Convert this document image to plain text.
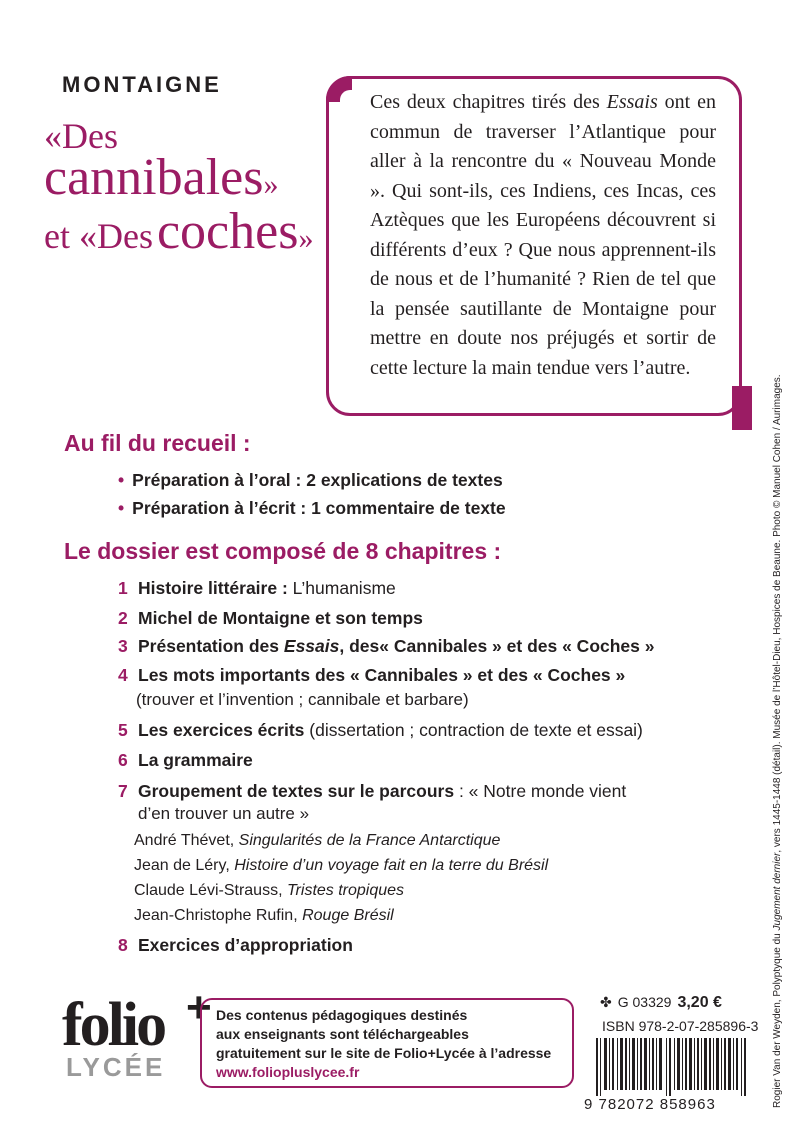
MONTAIGNE
«Des
cannibales»
et «Des coches»

Ces deux chapitres tirés des Essais ont en commun de traverser l’Atlantique pour aller à la rencontre du « Nouveau Monde ». Qui sont-ils, ces Indiens, ces Incas, ces Aztèques que les Européens découvrent si différents d’eux ? Que nous apprennent-ils de nous et de l’humanité ? Rien de tel que la pensée sautillante de Montaigne pour mettre en doute nos préjugés et sortir de cette lecture la main tendue vers l’autre.

Au fil du recueil :
• Préparation à l’oral : 2 explications de textes
• Préparation à l’écrit : 1 commentaire de texte
Le dossier est composé de 8 chapitres :
1 Histoire littéraire : L’humanisme
2 Michel de Montaigne et son temps
3 Présentation des Essais, des« Cannibales » et des « Coches »
4 Les mots importants des « Cannibales » et des « Coches »
(trouver et l’invention ; cannibale et barbare)
5 Les exercices écrits (dissertation ; contraction de texte et essai)
6 La grammaire
7 Groupement de textes sur le parcours : « Notre monde vient
d’en trouver un autre »
André Thévet, Singularités de la France Antarctique
Jean de Léry, Histoire d’un voyage fait en la terre du Brésil
Claude Lévi-Strauss, Tristes tropiques
Jean-Christophe Rufin, Rouge Brésil
8 Exercices d’appropriation
folio +
LYCÉE
Des contenus pédagogiques destinés
aux enseignants sont téléchargeables
gratuitement sur le site de Folio+Lycée à l’adresse
www.foliopluslycee.fr
✤ G 03329 3,20 €
ISBN 978-2-07-285896-3
9 782072 858963	Rogier Van der Weyden, Polyptyque du Jugement dernier, vers 1445-1448 (détail). Musée de l’Hôtel-Dieu, Hospices de Beaune. Photo © Manuel Cohen / Aurimages.
